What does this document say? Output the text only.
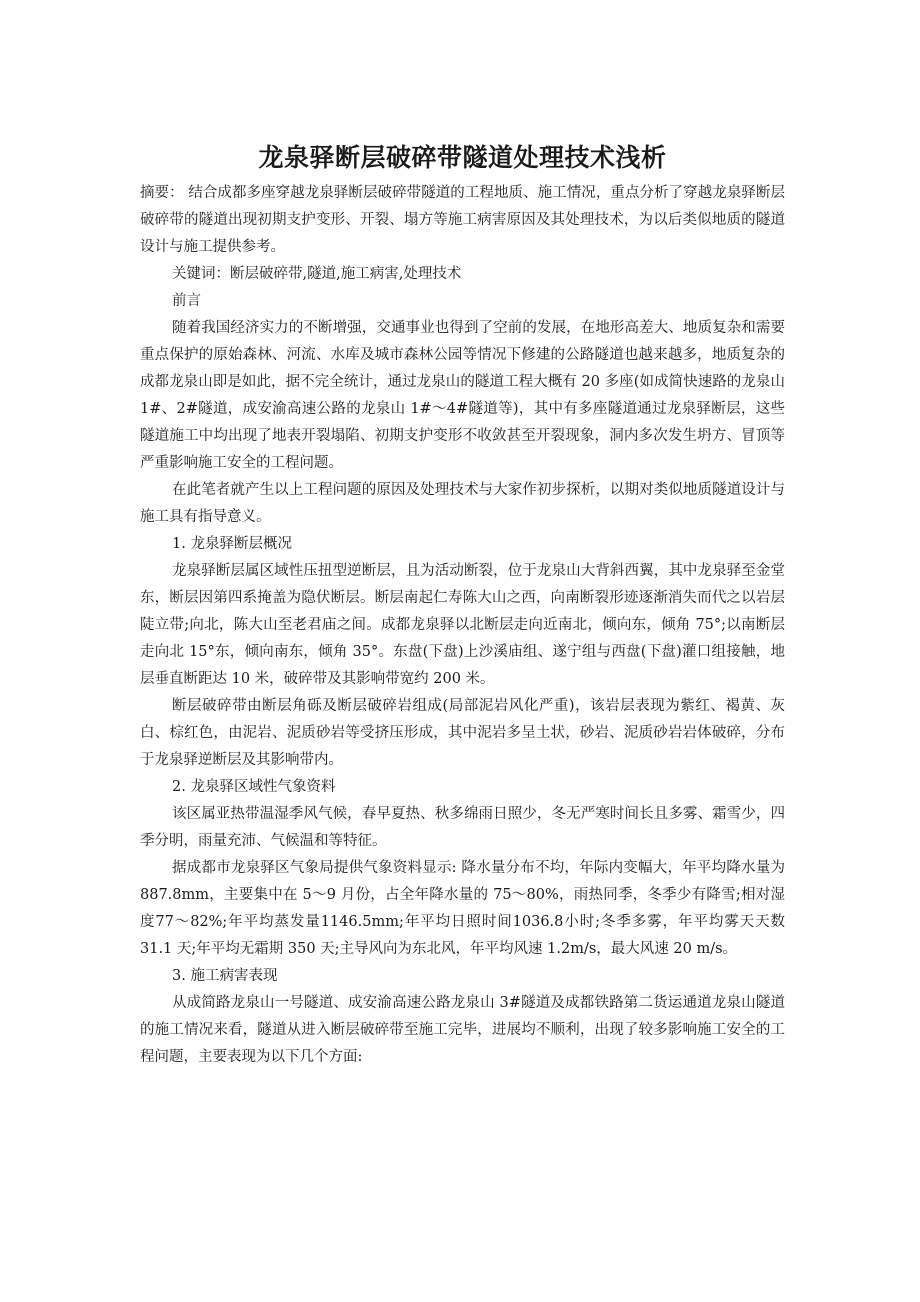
龙泉驿断层破碎带隧道处理技术浅析

摘要： 结合成都多座穿越龙泉驿断层破碎带隧道的工程地质、施工情况，重点分析了穿越龙泉驿断层破碎带的隧道出现初期支护变形、开裂、塌方等施工病害原因及其处理技术，为以后类似地质的隧道设计与施工提供参考。

关键词：断层破碎带,隧道,施工病害,处理技术

前言

随着我国经济实力的不断增强，交通事业也得到了空前的发展，在地形高差大、地质复杂和需要重点保护的原始森林、河流、水库及城市森林公园等情况下修建的公路隧道也越来越多，地质复杂的成都龙泉山即是如此，据不完全统计，通过龙泉山的隧道工程大概有 20 多座(如成简快速路的龙泉山 1#、2#隧道，成安渝高速公路的龙泉山 1#～4#隧道等)，其中有多座隧道通过龙泉驿断层，这些隧道施工中均出现了地表开裂塌陷、初期支护变形不收敛甚至开裂现象，洞内多次发生坍方、冒顶等严重影响施工安全的工程问题。

在此笔者就产生以上工程问题的原因及处理技术与大家作初步探析，以期对类似地质隧道设计与施工具有指导意义。

1. 龙泉驿断层概况

龙泉驿断层属区域性压扭型逆断层，且为活动断裂，位于龙泉山大背斜西翼，其中龙泉驿至金堂东，断层因第四系掩盖为隐伏断层。断层南起仁寿陈大山之西，向南断裂形迹逐渐消失而代之以岩层陡立带;向北，陈大山至老君庙之间。成都龙泉驿以北断层走向近南北，倾向东，倾角 75°;以南断层走向北 15°东，倾向南东，倾角 35°。东盘(下盘)上沙溪庙组、遂宁组与西盘(下盘)灌口组接触，地层垂直断距达 10 米，破碎带及其影响带宽约 200 米。

断层破碎带由断层角砾及断层破碎岩组成(局部泥岩风化严重)，该岩层表现为紫红、褐黄、灰白、棕红色，由泥岩、泥质砂岩等受挤压形成，其中泥岩多呈土状，砂岩、泥质砂岩岩体破碎，分布于龙泉驿逆断层及其影响带内。

2. 龙泉驿区域性气象资料

该区属亚热带温湿季风气候，春早夏热、秋多绵雨日照少，冬无严寒时间长且多雾、霜雪少，四季分明，雨量充沛、气候温和等特征。

据成都市龙泉驿区气象局提供气象资料显示: 降水量分布不均，年际内变幅大，年平均降水量为 887.8mm，主要集中在 5～9 月份，占全年降水量的 75～80%，雨热同季，冬季少有降雪;相对湿度77～82%;年平均蒸发量1146.5mm;年平均日照时间1036.8小时;冬季多雾，年平均雾天天数 31.1 天;年平均无霜期 350 天;主导风向为东北风，年平均风速 1.2m/s，最大风速 20 m/s。

3. 施工病害表现

从成简路龙泉山一号隧道、成安渝高速公路龙泉山 3#隧道及成都铁路第二货运通道龙泉山隧道的施工情况来看，隧道从进入断层破碎带至施工完毕，进展均不顺利，出现了较多影响施工安全的工程问题，主要表现为以下几个方面:
